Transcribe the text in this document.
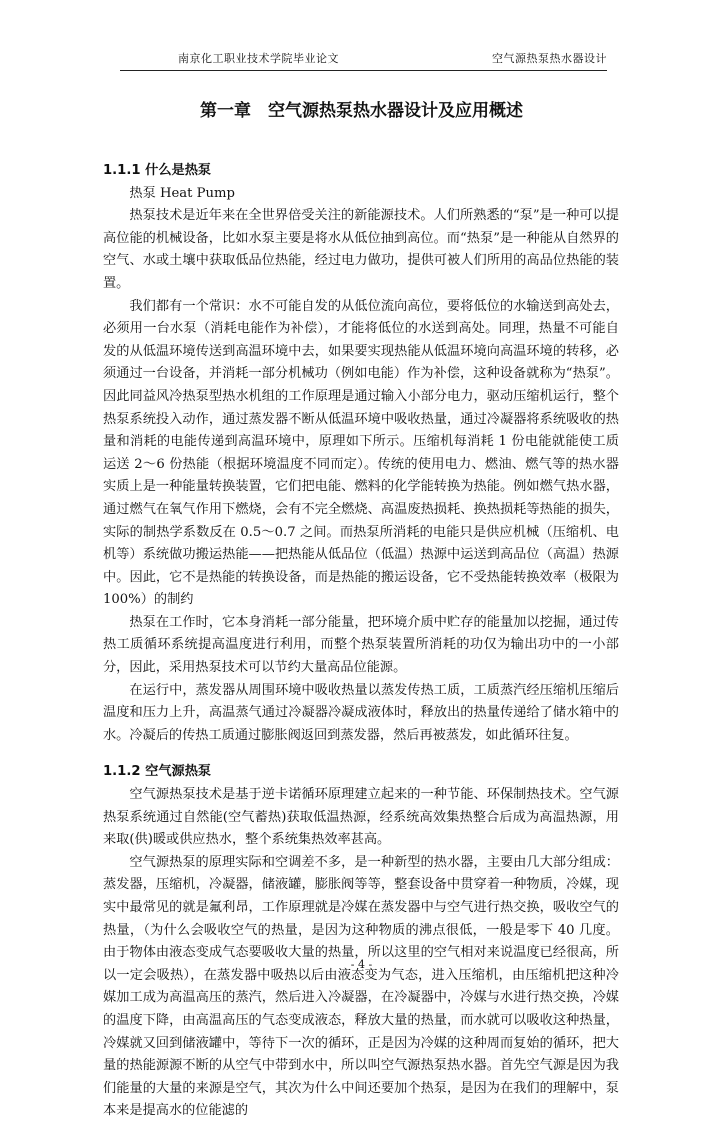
南京化工职业技术学院毕业论文	空气源热泵热水器设计
第一章　空气源热泵热水器设计及应用概述
1.1.1 什么是热泵
热泵 Heat Pump

热泵技术是近年来在全世界倍受关注的新能源技术。人们所熟悉的“泵”是一种可以提高位能的机械设备，比如水泵主要是将水从低位抽到高位。而“热泵”是一种能从自然界的空气、水或土壤中获取低品位热能，经过电力做功，提供可被人们所用的高品位热能的装置。

我们都有一个常识：水不可能自发的从低位流向高位，要将低位的水输送到高处去，必须用一台水泵（消耗电能作为补偿），才能将低位的水送到高处。同理，热量不可能自发的从低温环境传送到高温环境中去，如果要实现热能从低温环境向高温环境的转移，必须通过一台设备，并消耗一部分机械功（例如电能）作为补偿，这种设备就称为“热泵”。因此同益风冷热泵型热水机组的工作原理是通过输入小部分电力，驱动压缩机运行，整个热泵系统投入动作，通过蒸发器不断从低温环境中吸收热量，通过冷凝器将系统吸收的热量和消耗的电能传递到高温环境中，原理如下所示。压缩机每消耗 1 份电能就能使工质运送 2～6 份热能（根据环境温度不同而定）。传统的使用电力、燃油、燃气等的热水器实质上是一种能量转换装置，它们把电能、燃料的化学能转换为热能。例如燃气热水器，通过燃气在氧气作用下燃烧，会有不完全燃烧、高温废热损耗、换热损耗等热能的损失，实际的制热学系数反在 0.5～0.7 之间。而热泵所消耗的电能只是供应机械（压缩机、电机等）系统做功搬运热能——把热能从低品位（低温）热源中运送到高品位（高温）热源中。因此，它不是热能的转换设备，而是热能的搬运设备，它不受热能转换效率（极限为 100%）的制约

热泵在工作时，它本身消耗一部分能量，把环境介质中贮存的能量加以挖掘，通过传热工质循环系统提高温度进行利用，而整个热泵装置所消耗的功仅为输出功中的一小部分，因此，采用热泵技术可以节约大量高品位能源。

在运行中，蒸发器从周围环境中吸收热量以蒸发传热工质，工质蒸汽经压缩机压缩后温度和压力上升，高温蒸气通过冷凝器冷凝成液体时，释放出的热量传递给了储水箱中的水。冷凝后的传热工质通过膨胀阀返回到蒸发器，然后再被蒸发，如此循环往复。

1.1.2 空气源热泵

空气源热泵技术是基于逆卡诺循环原理建立起来的一种节能、环保制热技术。空气源热泵系统通过自然能(空气蓄热)获取低温热源，经系统高效集热整合后成为高温热源，用来取(供)暖或供应热水，整个系统集热效率甚高。

空气源热泵的原理实际和空调差不多，是一种新型的热水器，主要由几大部分组成：蒸发器，压缩机，冷凝器，储液罐，膨胀阀等等，整套设备中贯穿着一种物质，冷媒，现实中最常见的就是氟利昂，工作原理就是冷媒在蒸发器中与空气进行热交换，吸收空气的热量，（为什么会吸收空气的热量，是因为这种物质的沸点很低，一般是零下 40 几度。由于物体由液态变成气态要吸收大量的热量，所以这里的空气相对来说温度已经很高，所以一定会吸热），在蒸发器中吸热以后由液态变为气态，进入压缩机，由压缩机把这种冷媒加工成为高温高压的蒸汽，然后进入冷凝器，在冷凝器中，冷媒与水进行热交换，冷媒的温度下降，由高温高压的气态变成液态，释放大量的热量，而水就可以吸收这种热量，冷媒就又回到储液罐中，等待下一次的循环，正是因为冷媒的这种周而复始的循环，把大量的热能源源不断的从空气中带到水中，所以叫空气源热泵热水器。首先空气源是因为我们能量的大量的来源是空气，其次为什么中间还要加个热泵，是因为在我们的理解中，泵本来是提高水的位能滤的

- 4 -
